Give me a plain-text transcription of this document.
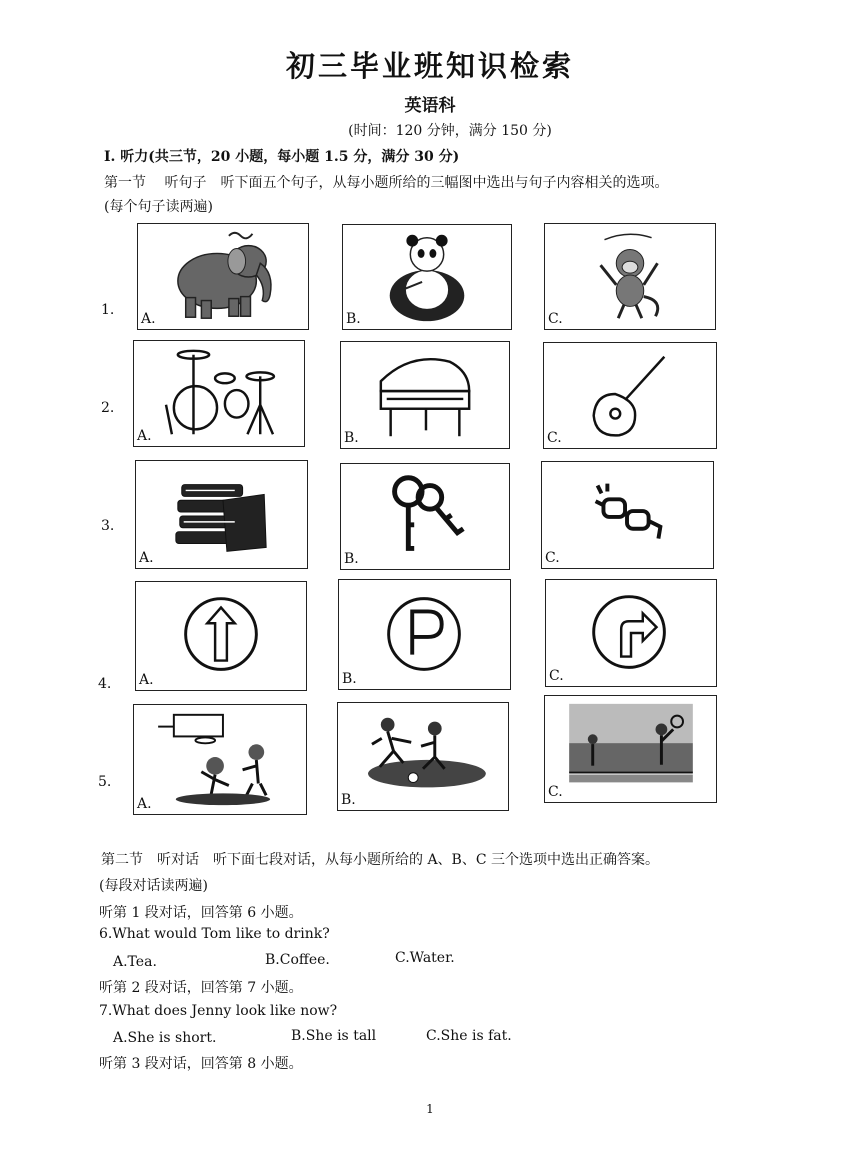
初三毕业班知识检索
英语科
(时间：120 分钟，满分 150 分)
I. 听力(共三节，20 小题，每小题 1.5 分，满分 30 分)
第一节　 听句子　听下面五个句子，从每小题所给的三幅图中选出与句子内容相关的选项。
(每个句子读两遍)
1.
2.
3.
4.
5.
A.	B.	C.
A.	B.	C.
A.	B.	C.
A.	B.	C.
A.	B.	C.
第二节　听对话　听下面七段对话，从每小题所给的 A、B、C 三个选项中选出正确答案。
(每段对话读两遍)
听第 1 段对话，回答第 6 小题。
6.What would Tom like to drink?
A.Tea.	B.Coffee.	C.Water.
听第 2 段对话，回答第 7 小题。
7.What does Jenny look like now?
A.She is short.	B.She is tall	C.She is fat.
听第 3 段对话，回答第 8 小题。
1
